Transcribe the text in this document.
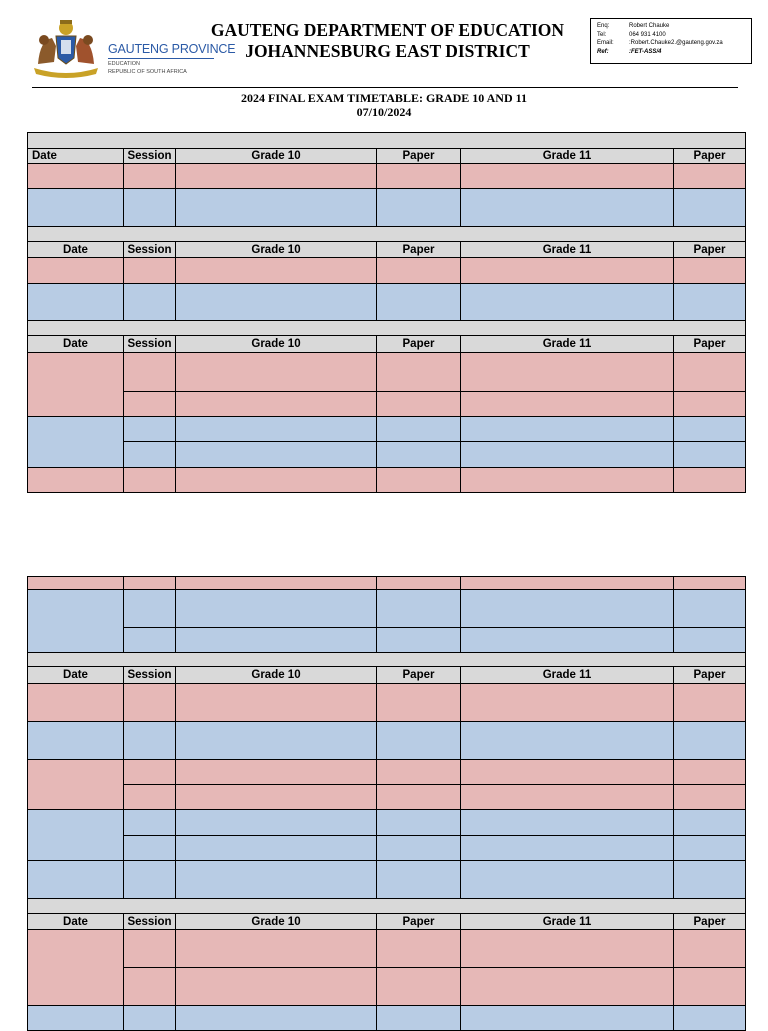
GAUTENG PROVINCE
EDUCATION
REPUBLIC OF SOUTH AFRICA
GAUTENG DEPARTMENT OF EDUCATION
JOHANNESBURG EAST DISTRICT
Enq:	Robert Chauke
Tel:	064 931 4100
Email:	:Robert.Chauke2.@gauteng.gov.za
Ref:	:FET-ASS/4
2024 FINAL EXAM TIMETABLE: GRADE 10 AND 11
07/10/2024

Date	Session	Grade 10	Paper	Grade 11	Paper

Date	Session	Grade 10	Paper	Grade 11	Paper

Date	Session	Grade 10	Paper	Grade 11	Paper

Date	Session	Grade 10	Paper	Grade 11	Paper

Date	Session	Grade 10	Paper	Grade 11	Paper
